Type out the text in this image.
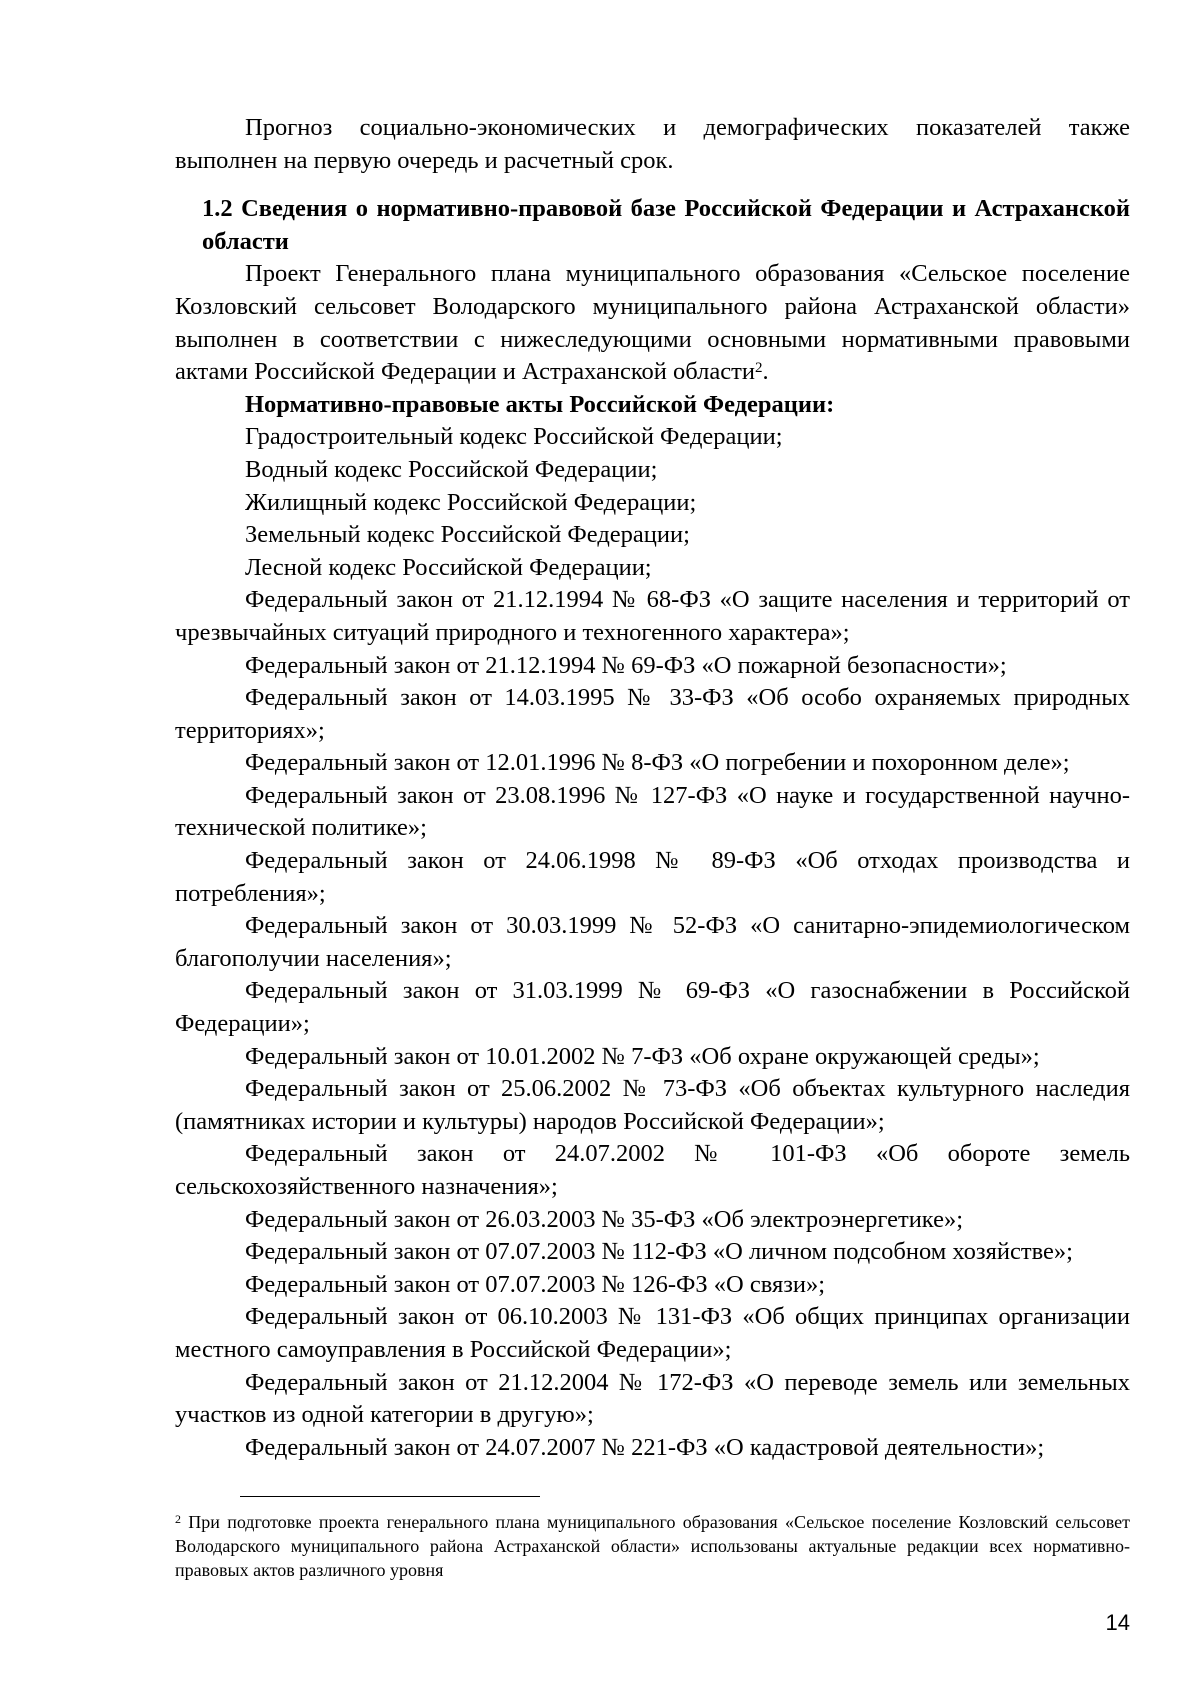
Прогноз социально-экономических и демографических показателей также выполнен на первую очередь и расчетный срок.

1.2 Сведения о нормативно-правовой базе Российской Федерации и Астраханской области

Проект Генерального плана муниципального образования «Сельское поселение Козловский сельсовет Володарского муниципального района Астраханской области» выполнен в соответствии с нижеследующими основными нормативными правовыми актами Российской Федерации и Астраханской области$^2$.

Нормативно-правовые акты Российской Федерации:

Градостроительный кодекс Российской Федерации;

Водный кодекс Российской Федерации;

Жилищный кодекс Российской Федерации;

Земельный кодекс Российской Федерации;

Лесной кодекс Российской Федерации;

Федеральный закон от 21.12.1994 № 68-ФЗ «О защите населения и территорий от чрезвычайных ситуаций природного и техногенного характера»;

Федеральный закон от 21.12.1994 № 69-ФЗ «О пожарной безопасности»;

Федеральный закон от 14.03.1995 № 33-ФЗ «Об особо охраняемых природных территориях»;

Федеральный закон от 12.01.1996 № 8-ФЗ «О погребении и похоронном деле»;

Федеральный закон от 23.08.1996 № 127-ФЗ «О науке и государственной научно-технической политике»;

Федеральный закон от 24.06.1998 № 89-ФЗ «Об отходах производства и потребления»;

Федеральный закон от 30.03.1999 № 52-ФЗ «О санитарно-эпидемиологическом благополучии населения»;

Федеральный закон от 31.03.1999 № 69-ФЗ «О газоснабжении в Российской Федерации»;

Федеральный закон от 10.01.2002 № 7-ФЗ «Об охране окружающей среды»;

Федеральный закон от 25.06.2002 № 73-ФЗ «Об объектах культурного наследия (памятниках истории и культуры) народов Российской Федерации»;

Федеральный закон от 24.07.2002 № 101-ФЗ «Об обороте земель сельскохозяйственного назначения»;

Федеральный закон от 26.03.2003 № 35-ФЗ «Об электроэнергетике»;

Федеральный закон от 07.07.2003 № 112-ФЗ «О личном подсобном хозяйстве»;

Федеральный закон от 07.07.2003 № 126-ФЗ «О связи»;

Федеральный закон от 06.10.2003 № 131-ФЗ «Об общих принципах организации местного самоуправления в Российской Федерации»;

Федеральный закон от 21.12.2004 № 172-ФЗ «О переводе земель или земельных участков из одной категории в другую»;

Федеральный закон от 24.07.2007 № 221-ФЗ «О кадастровой деятельности»;

$^2$ При подготовке проекта генерального плана муниципального образования «Сельское поселение Козловский сельсовет Володарского муниципального района Астраханской области» использованы актуальные редакции всех нормативно-правовых актов различного уровня
14
